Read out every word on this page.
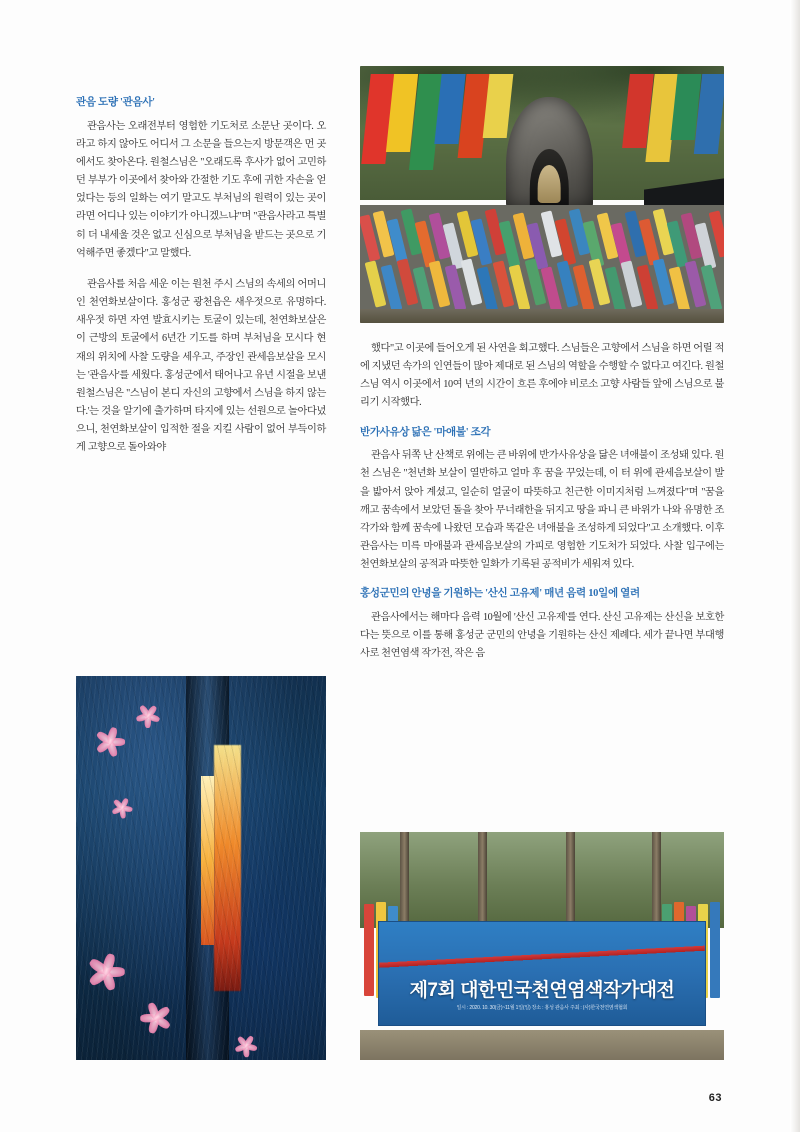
관음 도량 '관음사'

관음사는 오래전부터 영험한 기도처로 소문난 곳이다. 오라고 하지 않아도 어디서 그 소문을 들으는지 방문객은 먼 곳에서도 찾아온다. 원철스님은 "오래도록 후사가 없어 고민하던 부부가 이곳에서 찾아와 간절한 기도 후에 귀한 자손을 얻었다는 등의 일화는 여기 말고도 부처님의 원력이 있는 곳이라면 어디나 있는 이야기가 아니겠느냐"며 "관음사라고 특별히 더 내세울 것은 없고 신심으로 부처님을 받드는 곳으로 기억해주면 좋겠다"고 말했다.

관음사를 처음 세운 이는 원천 주시 스님의 속세의 어머니인 천연화보살이다. 홍성군 광천읍은 새우젓으로 유명하다. 새우젓 하면 자연 발효시키는 토굴이 있는데, 천연화보살은 이 근방의 토굴에서 6년간 기도를 하며 부처님을 모시다 현재의 위치에 사찰 도량을 세우고, 주장인 관세음보살을 모시는 '관음사'를 세웠다. 홍성군에서 태어나고 유년 시절을 보낸 원철스님은 "스님이 본디 자신의 고향에서 스님을 하지 않는다.'는 것을 알기에 출가하며 타지에 있는 선원으로 놀아다녔으니, 천연화보살이 입적한 절을 지킬 사람이 없어 부득이하게 고향으로 돌아와야

했다"고 이곳에 들어오게 된 사연을 회고했다. 스님들은 고향에서 스님을 하면 어릴 적에 지냈던 속가의 인연들이 많아 제대로 된 스님의 역할을 수행할 수 없다고 여긴다. 원철 스님 역시 이곳에서 10여 년의 시간이 흐른 후에야 비로소 고향 사람들 앞에 스님으로 불리기 시작했다.

반가사유상 닮은 '마애불' 조각

관음사 뒤쪽 난 산책로 위에는 큰 바위에 반가사유상을 닮은 녀애불이 조성돼 있다. 원천 스님은 "천년화 보살이 열반하고 얼마 후 꿈을 꾸었는데, 이 터 위에 관세음보살이 발을 밟아서 앉아 계셨고, 일순히 얼굴이 따뜻하고 친근한 이미지처럼 느껴졌다"며 "꿈을 깨고 꿈속에서 보았던 돌을 찾아 무너래한을 뒤지고 땅을 파니 큰 바위가 나와 유명한 조각가와 함께 꿈속에 나왔던 모습과 똑같은 녀애불을 조성하게 되었다"고 소개했다. 이후 관음사는 미륵 마애불과 관세음보살의 가피로 영험한 기도처가 되었다. 사찰 입구에는 천연화보살의 공적과 따뜻한 일화가 기록된 공적비가 세워져 있다.

홍성군민의 안녕을 기원하는 '산신 고유제' 매년 음력 10일에 열려

관음사에서는 해마다 음력 10월에 '산신 고유제'를 연다. 산신 고유제는 산신을 보호한다는 뜻으로 이를 통해 홍성군 군민의 안녕을 기원하는 산신 제례다. 세가 끝나면 부대행사로 천연염색 작가전, 작은 음

제7회 대한민국천연염색작가대전
일시 : 2020. 10. 30(금)~11월 1일(일) 장소 : 홍성 관음사 주최 : (사)한국천연염색협회
63
